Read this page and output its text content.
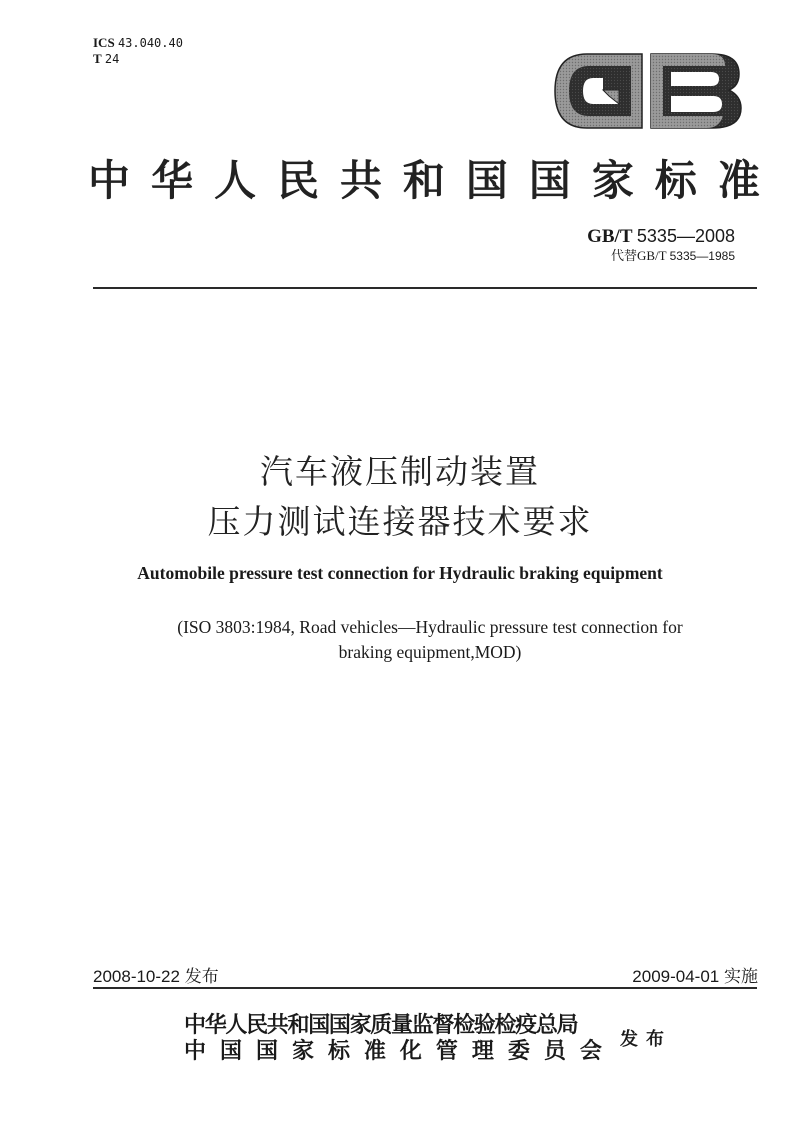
ICS 43.040.40
T 24
中 华 人 民 共 和 国 国 家 标 准
GB/T 5335—2008
代替GB/T 5335—1985
汽车液压制动装置
压力测试连接器技术要求
Automobile pressure test connection for Hydraulic braking equipment
(ISO 3803:1984, Road vehicles—Hydraulic pressure test connection for
braking equipment,MOD)
2008-10-22 发布	2009-04-01 实施
中华人民共和国国家质量监督检验检疫总局
中 国 国 家 标 准 化 管 理 委 员 会 发布
